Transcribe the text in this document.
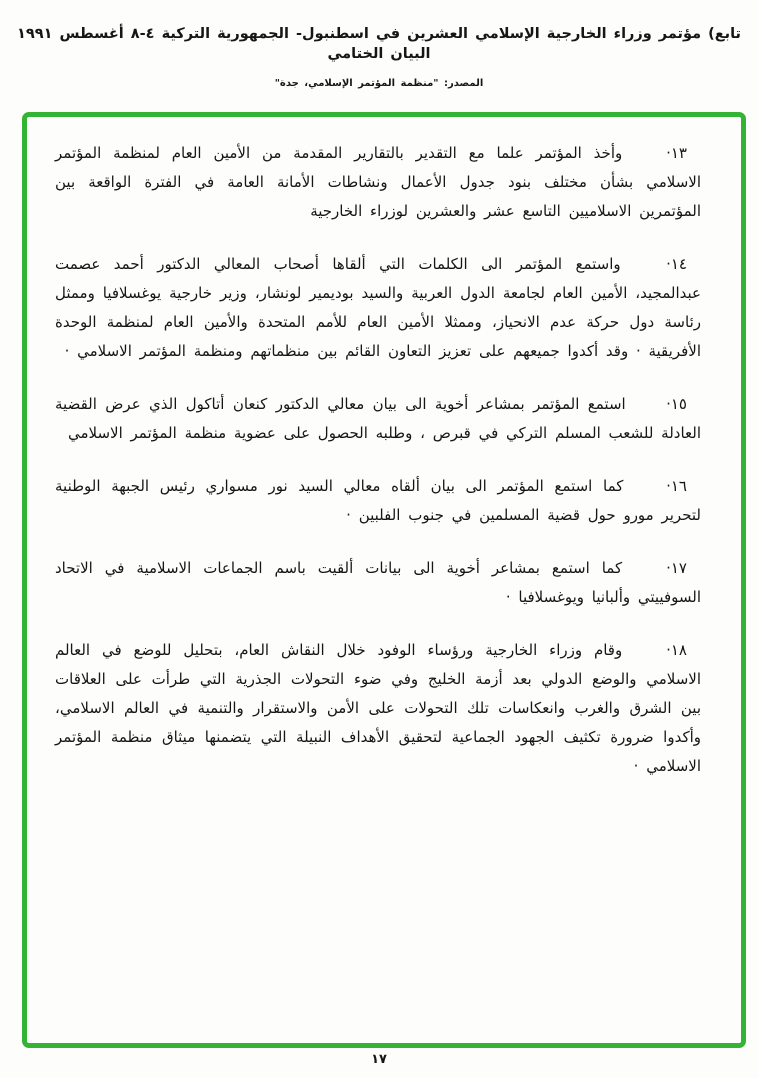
تابع) مؤتمر وزراء الخارجية الإسلامي العشرين في اسطنبول- الجمهورية التركية ٤-٨ أغسطس ١٩٩١ البيان الختامي
المصدر: "منظمة المؤتمر الإسلامي، جدة"

١٣· وأخذ المؤتمر علما مع التقدير بالتقارير المقدمة من الأمين العام لمنظمة المؤتمر الاسلامي بشأن مختلف بنود جدول الأعمال ونشاطات الأمانة العامة في الفترة الواقعة بين المؤتمرين الاسلاميين التاسع عشر والعشرين لوزراء الخارجية

١٤· واستمع المؤتمر الى الكلمات التي ألقاها أصحاب المعالي الدكتور أحمد عصمت عبدالمجيد، الأمين العام لجامعة الدول العربية والسيد بوديمير لونشار، وزير خارجية يوغسلافيا وممثل رئاسة دول حركة عدم الانحياز، وممثلا الأمين العام للأمم المتحدة والأمين العام لمنظمة الوحدة الأفريقية · وقد أكدوا جميعهم على تعزيز التعاون القائم بين منظماتهم ومنظمة المؤتمر الاسلامي ·

١٥· استمع المؤتمر بمشاعر أخوية الى بيان معالي الدكتور كنعان أتاكول الذي عرض القضية العادلة للشعب المسلم التركي في قبرص ، وطلبه الحصول على عضوية منظمة المؤتمر الاسلامي

١٦· كما استمع المؤتمر الى بيان ألقاه معالي السيد نور مسواري رئيس الجبهة الوطنية لتحرير مورو حول قضية المسلمين في جنوب الفلبين ·

١٧· كما استمع بمشاعر أخوية الى بيانات ألقيت باسم الجماعات الاسلامية في الاتحاد السوفييتي وألبانيا ويوغسلافيا ·

١٨· وقام وزراء الخارجية ورؤساء الوفود خلال النقاش العام، بتحليل للوضع في العالم الاسلامي والوضع الدولي بعد أزمة الخليج وفي ضوء التحولات الجذرية التي طرأت على العلاقات بين الشرق والغرب وانعكاسات تلك التحولات على الأمن والاستقرار والتنمية في العالم الاسلامي، وأكدوا ضرورة تكثيف الجهود الجماعية لتحقيق الأهداف النبيلة التي يتضمنها ميثاق منظمة المؤتمر الاسلامي ·

١٧
